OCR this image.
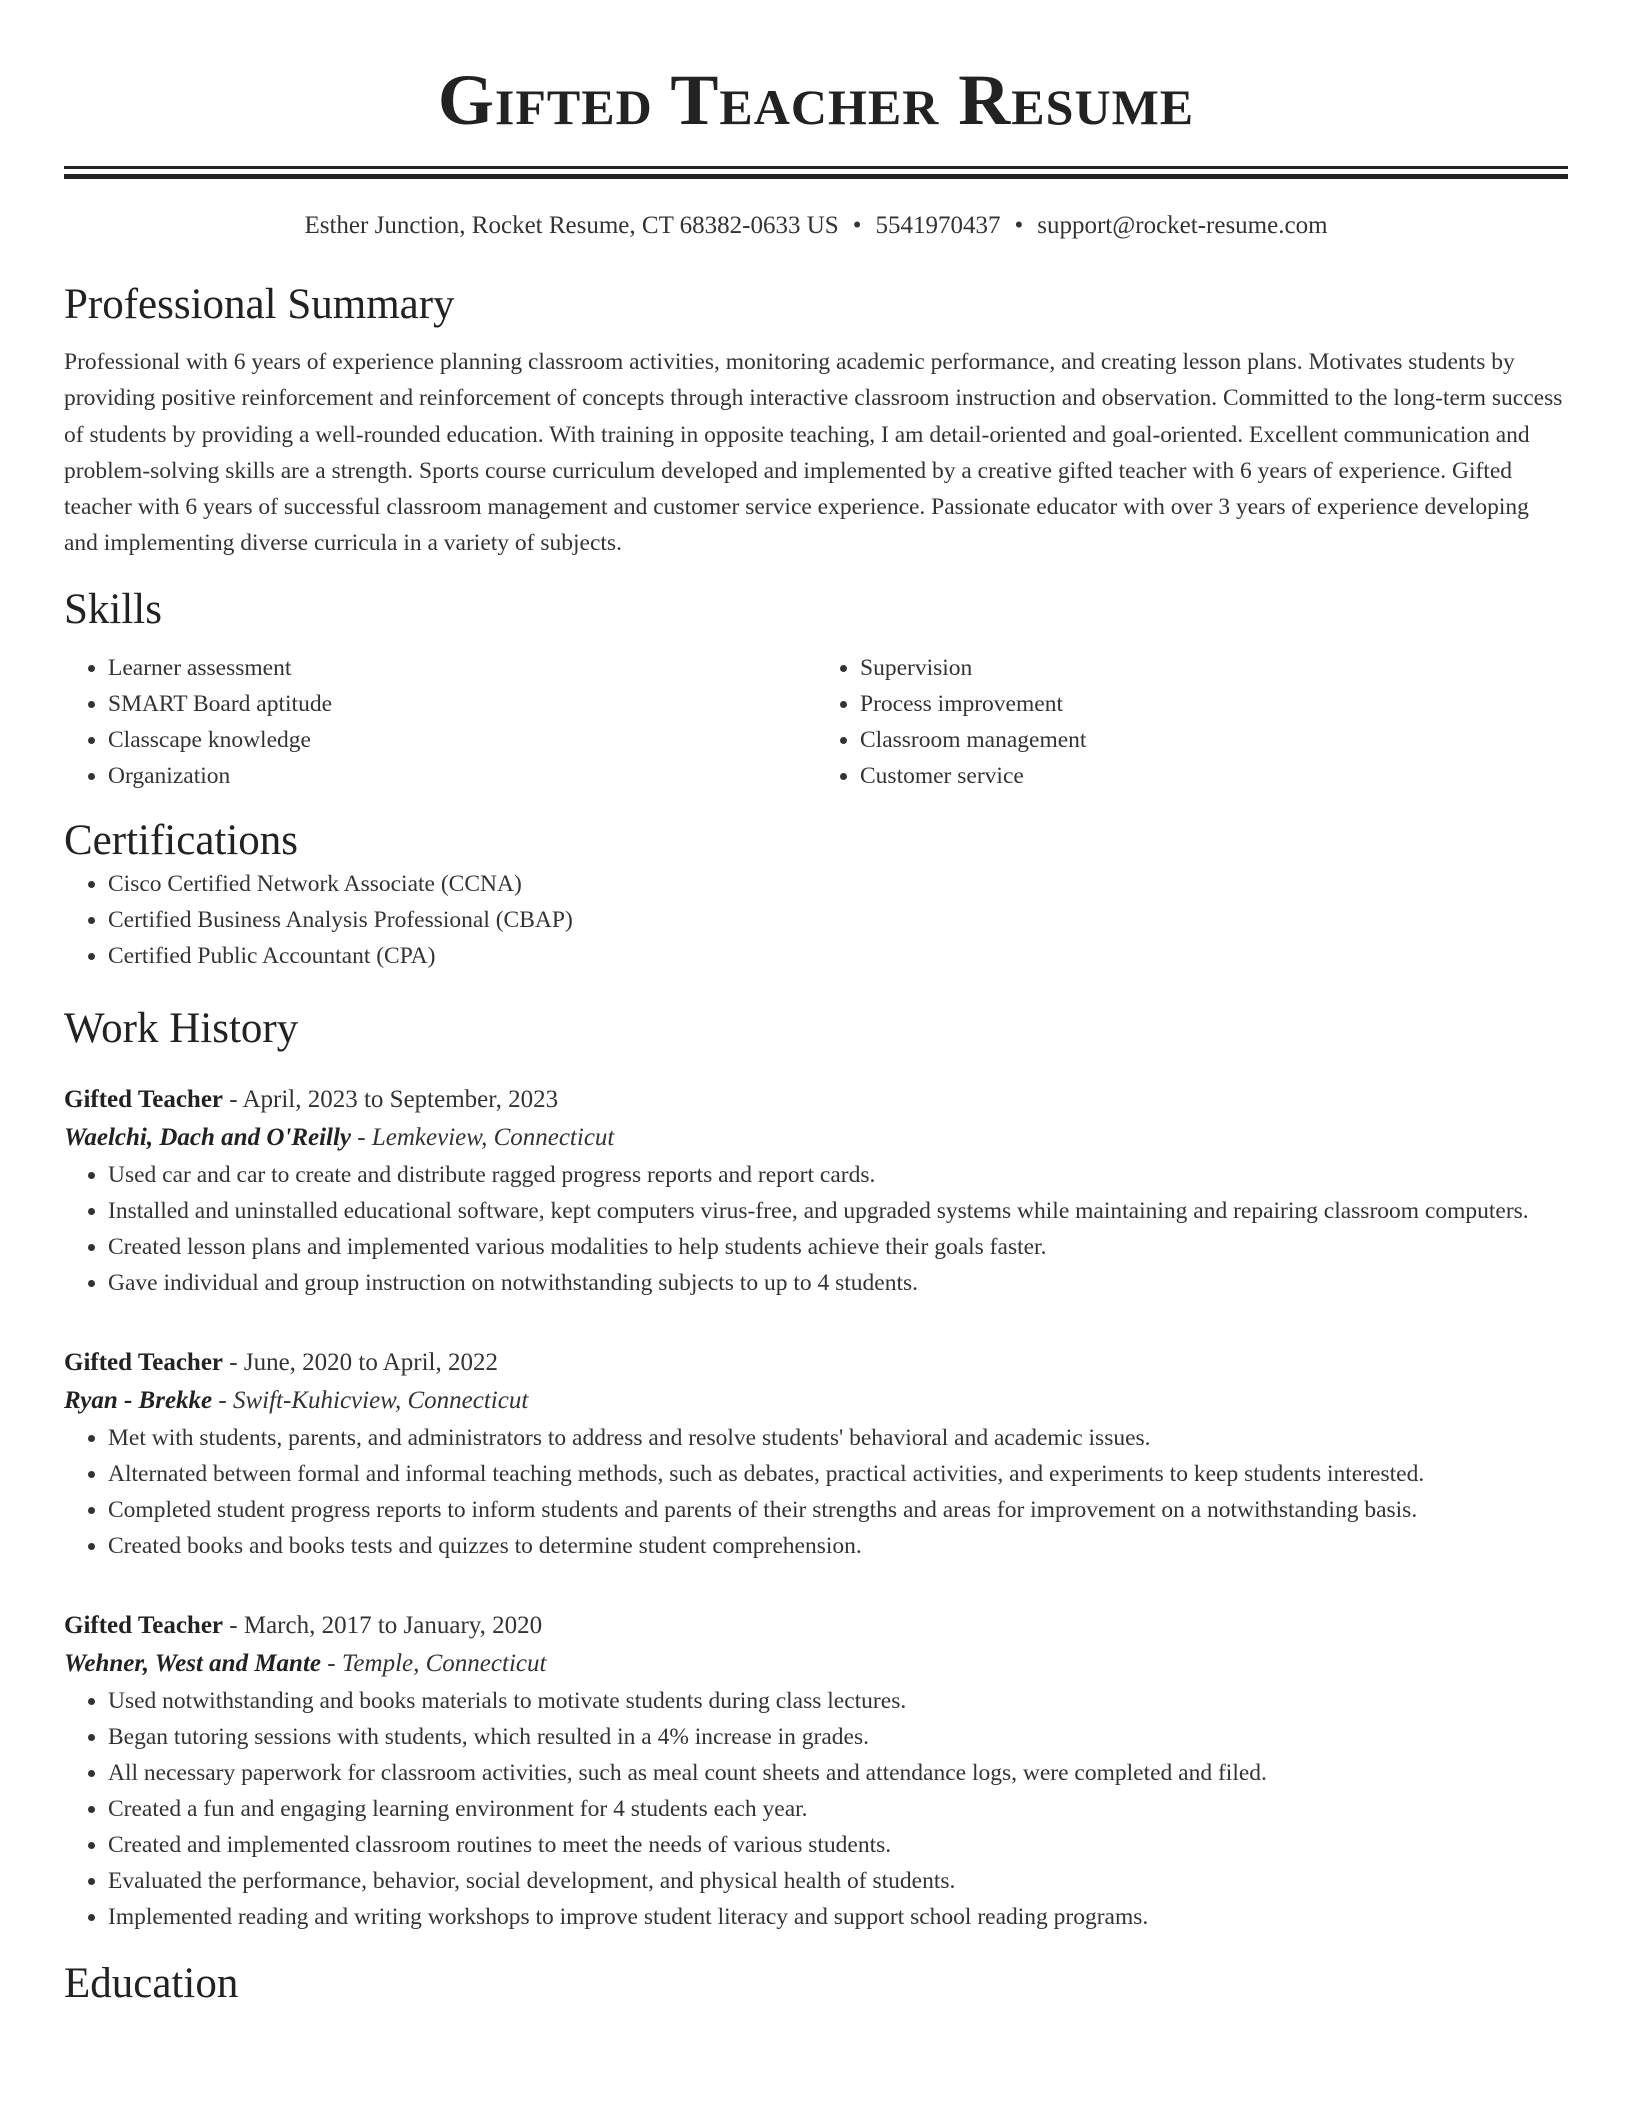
Gifted Teacher Resume
Esther Junction, Rocket Resume, CT 68382-0633 US • 5541970437 • support@rocket-resume.com
Professional Summary

Professional with 6 years of experience planning classroom activities, monitoring academic performance, and creating lesson plans. Motivates students by providing positive reinforcement and reinforcement of concepts through interactive classroom instruction and observation. Committed to the long-term success of students by providing a well-rounded education. With training in opposite teaching, I am detail-oriented and goal-oriented. Excellent communication and problem-solving skills are a strength. Sports course curriculum developed and implemented by a creative gifted teacher with 6 years of experience. Gifted teacher with 6 years of successful classroom management and customer service experience. Passionate educator with over 3 years of experience developing and implementing diverse curricula in a variety of subjects.

Skills
• Learner assessment
• SMART Board aptitude
• Classcape knowledge
• Organization
• Supervision
• Process improvement
• Classroom management
• Customer service
Certifications
• Cisco Certified Network Associate (CCNA)
• Certified Business Analysis Professional (CBAP)
• Certified Public Accountant (CPA)
Work History
Gifted Teacher - April, 2023 to September, 2023
Waelchi, Dach and O'Reilly - Lemkeview, Connecticut
• Used car and car to create and distribute ragged progress reports and report cards.
• Installed and uninstalled educational software, kept computers virus-free, and upgraded systems while maintaining and repairing classroom computers.
• Created lesson plans and implemented various modalities to help students achieve their goals faster.
• Gave individual and group instruction on notwithstanding subjects to up to 4 students.
Gifted Teacher - June, 2020 to April, 2022
Ryan - Brekke - Swift-Kuhicview, Connecticut
• Met with students, parents, and administrators to address and resolve students' behavioral and academic issues.
• Alternated between formal and informal teaching methods, such as debates, practical activities, and experiments to keep students interested.
• Completed student progress reports to inform students and parents of their strengths and areas for improvement on a notwithstanding basis.
• Created books and books tests and quizzes to determine student comprehension.
Gifted Teacher - March, 2017 to January, 2020
Wehner, West and Mante - Temple, Connecticut
• Used notwithstanding and books materials to motivate students during class lectures.
• Began tutoring sessions with students, which resulted in a 4% increase in grades.
• All necessary paperwork for classroom activities, such as meal count sheets and attendance logs, were completed and filed.
• Created a fun and engaging learning environment for 4 students each year.
• Created and implemented classroom routines to meet the needs of various students.
• Evaluated the performance, behavior, social development, and physical health of students.
• Implemented reading and writing workshops to improve student literacy and support school reading programs.
Education
